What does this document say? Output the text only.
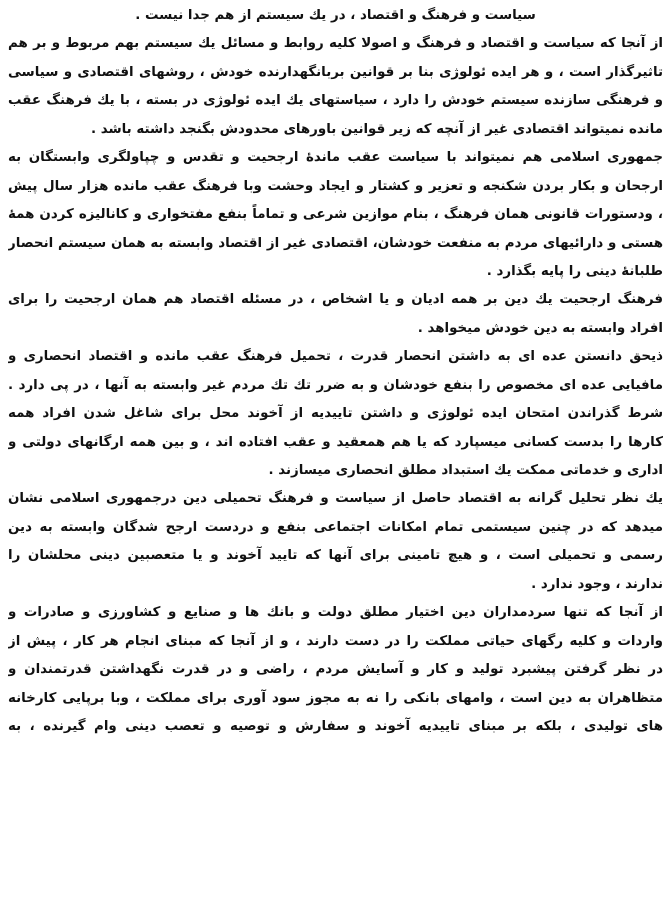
سیاست و فرهنگ و اقتصاد ، در یك سیستم از هم جدا نیست .
از آنجا كه سیاست و اقتصاد و فرهنگ و اصولا كلیه روابط و مسائل یك سیستم بهم مربوط و بر هم
تاثیرگذار است ، و هر ایده ئولوژی بنا بر قوانین بربانگهدارنده خودش ، روشهای اقتصادی و سیاسی
و فرهنگی سازنده سیستم خودش را دارد ، سیاستهای یك ایده ئولوژی در بسته ، با یك فرهنگ عقب
مانده نمیتواند اقتصادی غیر از آنچه كه زیر قوانین باورهای محدودش بگنجد داشته باشد .
جمهوری اسلامی هم نمیتواند با سیاست عقب ماندهٔ ارجحیت و تقدس و چپاولگری وابستگان به
ارجحان و بكار بردن شكنجه و تعزیر و كشتار و ایجاد وحشت وبا فرهنگ عقب مانده هزار سال پیش
، ودستورات قانونی همان فرهنگ ، بنام موازین شرعی و تماماً بنفع مفتخواری و كانالیزه كردن همهٔ
هستی و دارائیهای مردم به منفعت خودشان، اقتصادی غیر از اقتصاد وابسته به همان سیستم انحصار
طلبانهٔ دینی را پایه بگذارد .
فرهنگ ارجحیت یك دین بر همه ادیان و یا اشخاص ، در مسئله اقتصاد هم همان ارجحیت را برای
افراد وابسته به دین خودش میخواهد .
ذیحق دانستن عده ای به داشتن انحصار قدرت ، تحمیل فرهنگ عقب مانده و اقتصاد انحصاری و
مافیایی عده ای مخصوص را بنفع خودشان و به ضرر تك تك مردم غیر وابسته به آنها ، در پی دارد .
شرط گذراندن امتحان ایده ئولوژی و داشتن تاییدیه از آخوند محل برای شاغل شدن افراد همه
كارها را بدست كسانی میسپارد كه یا هم همعقید و عقب افتاده اند ، و بین همه ارگانهای دولتی و
اداری و خدماتی ممكت یك استبداد مطلق انحصاری میسازند .
یك نظر تحلیل گرانه به اقتصاد حاصل از سیاست و فرهنگ تحمیلی دین درجمهوری اسلامی نشان
میدهد كه در چنین سیستمی تمام امكانات اجتماعی بنفع و دردست ارجح شدگان وابسته به دین
رسمی و تحمیلی است ، و هیچ تامینی برای آنها كه تایید آخوند و یا متعصبین دینی محلشان را
ندارند ، وجود ندارد .
از آنجا كه تنها سردمداران دین اختیار مطلق دولت و بانك ها و صنایع و كشاورزی و صادرات و
واردات و كلیه رگهای حیاتی مملكت را در دست دارند ، و از آنجا كه مبنای انجام هر كار ، پیش از
در نظر گرفتن پیشبرد تولید و كار و آسایش مردم ، راضی و در قدرت نگهداشتن قدرتمندان و
متظاهران به دین است ، وامهای بانكی را نه به مجوز سود آوری برای مملكت ، وبا برپایی كارخانه
های تولیدی ، بلكه بر مبنای تاییدیه آخوند و سفارش و توصیه و تعصب دینی وام گیرنده ، به
